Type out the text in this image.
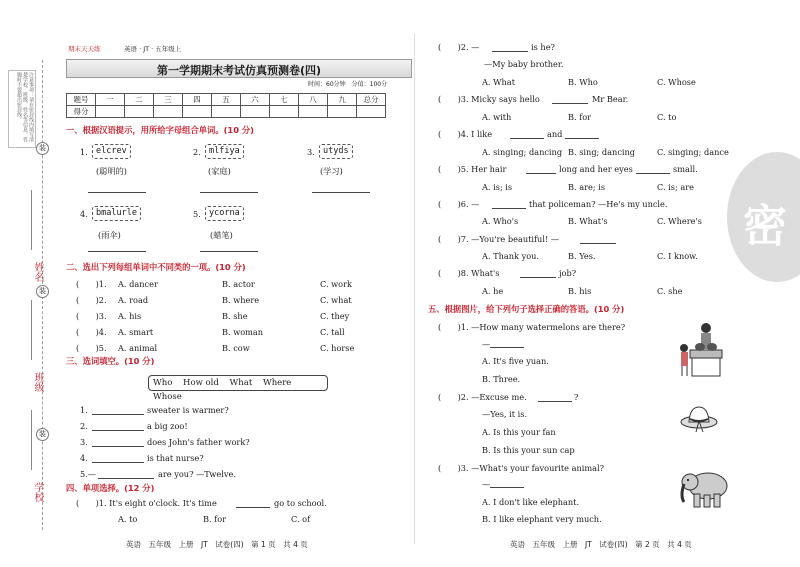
注意事项：请在密封线内填写清楚学校、班级、姓名等信息，答题时不要超出密封线。
装
装
装
姓名
班级
学校
期末天天练	英语 · JT · 五年级上
第一学期期末考试仿真预测卷(四)
时间：60分钟　分值：100分
题号	一	二	三	四	五	六	七	八	九	总分
得分										
一、根据汉语提示，用所给字母组合单词。(10 分)
1. elcrev
(聪明的)
2. mlfiya
(家庭)
3. utyds
(学习)
4. bmalurle
(雨伞)
5. ycorna
(蜡笔)
二、选出下列每组单词中不同类的一项。(10 分)
(　　)1. A. dancer	B. actor	C. work
(　　)2. A. road	B. where	C. what
(　　)3. A. his	B. she	C. they
(　　)4. A. smart	B. woman	C. tall
(　　)5. A. animal	B. cow	C. horse
三、选词填空。(10 分)
Who How old What Where Whose
1.	sweater is warmer?
2.	a big zoo!
3.	does John's father work?
4.	is that nurse?
5.—	are you? —Twelve.
四、单项选择。(12 分)
(　　)1. It's eight o'clock. It's time	go to school.
A. to	B. for	C. of
英语　五年级　上册　JT　试卷(四)　第 1 页　共 4 页
(　　)2. —	is he?
—My baby brother.
A. What	B. Who	C. Whose
(　　)3. Micky says hello	Mr Bear.
A. with	B. for	C. to
(　　)4. I like	and
A. singing; dancing B. sing; dancing	C. singing; dance
(　　)5. Her hair	long and her eyes	small.
A. is; is	B. are; is	C. is; are
(　　)6. —	that policeman? —He's my uncle.
A. Who's	B. What's	C. Where's
(　　)7. —You're beautiful! —
A. Thank you.	B. Yes.	C. I know.
(　　)8. What's	job?
A. he	B. his	C. she
五、根据图片，给下列句子选择正确的答语。(10 分)
(　　)1. —How many watermelons are there?
—
A. It's five yuan.
B. Three.
(　　)2. —Excuse me.	?
—Yes, it is.
A. Is this your fan
B. Is this your sun cap
(　　)3. —What's your favourite animal?
—
A. I don't like elephant.
B. I like elephant very much.
密
英语　五年级　上册　JT　试卷(四)　第 2 页　共 4 页
